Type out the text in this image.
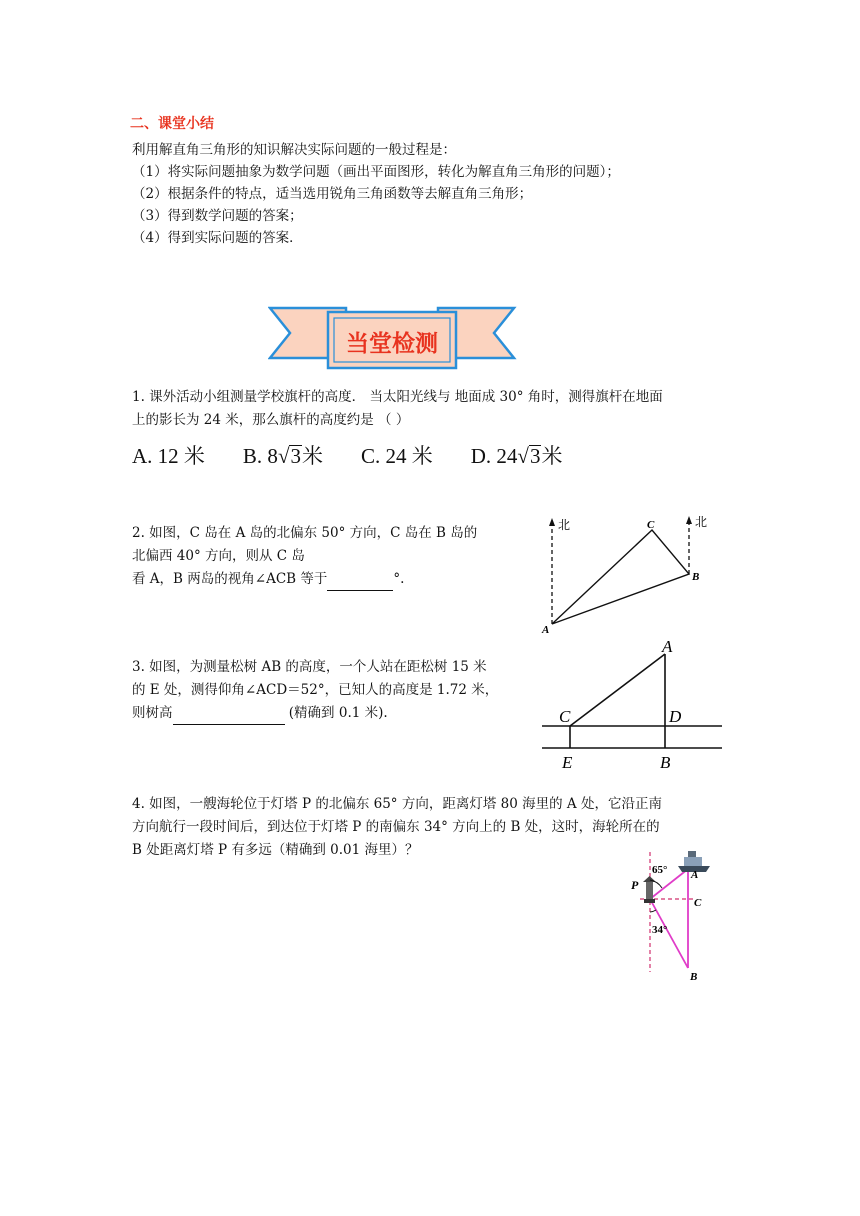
二、课堂小结
利用解直角三角形的知识解决实际问题的一般过程是：
（1）将实际问题抽象为数学问题（画出平面图形，转化为解直角三角形的问题）；
（2）根据条件的特点，适当选用锐角三角函数等去解直角三角形；
（3）得到数学问题的答案；
（4）得到实际问题的答案．
当堂检测
1. 课外活动小组测量学校旗杆的高度． 当太阳光线与 地面成 30° 角时，测得旗杆在地面
上的影长为 24 米，那么旗杆的高度约是 （ ）
A. 12 米 B. 8√3米 C. 24 米 D. 24√3米
2. 如图，C 岛在 A 岛的北偏东 50° 方向，C 岛在 B 岛的
北偏西 40° 方向，则从 C 岛
看 A，B 两岛的视角∠ACB 等于	°.
北	北
A
C
B
3. 如图，为测量松树 AB 的高度，一个人站在距松树 15 米
的 E 处，测得仰角∠ACD＝52°，已知人的高度是 1.72 米，
则树高	(精确到 0.1 米).
A
C	D
E	B
4. 如图，一艘海轮位于灯塔 P 的北偏东 65° 方向，距离灯塔 80 海里的 A 处，它沿正南
方向航行一段时间后，到达位于灯塔 P 的南偏东 34° 方向上的 B 处，这时，海轮所在的
B 处距离灯塔 P 有多远（精确到 0.01 海里）？
65°
34°
P
A
C
B
